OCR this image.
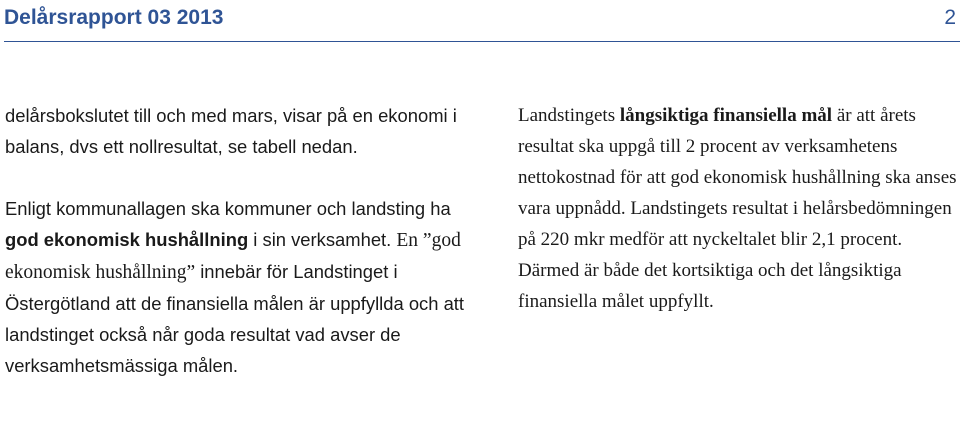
Delårsrapport 03 2013	2

delårsbokslutet till och med mars, visar på en ekonomi i balans, dvs ett nollresultat, se tabell nedan.

Enligt kommunallagen ska kommuner och landsting ha god ekonomisk hushållning i sin verksamhet. En ”god ekonomisk hushållning” innebär för Landstinget i Östergötland att de finansiella målen är uppfyllda och att landstinget också når goda resultat vad avser de verksamhetsmässiga målen.

Landstingets långsiktiga finansiella mål är att årets resultat ska uppgå till 2 procent av verksamhetens nettokostnad för att god ekonomisk hushållning ska anses vara uppnådd. Landstingets resultat i helårsbedömningen på 220 mkr medför att nyckeltalet blir 2,1 procent. Därmed är både det kortsiktiga och det långsiktiga finansiella målet uppfyllt.
